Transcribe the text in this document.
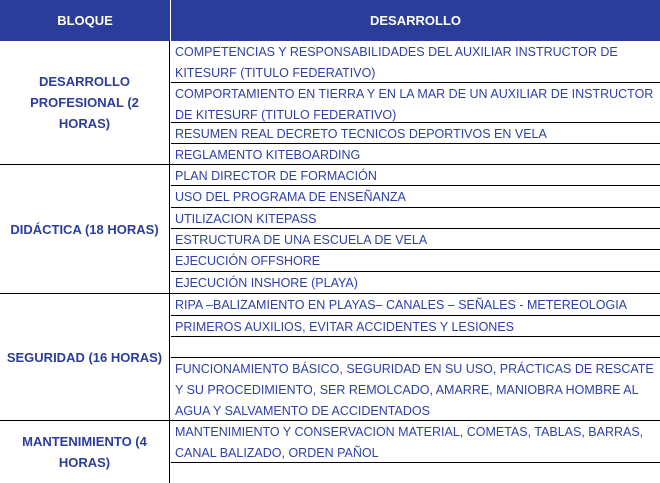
BLOQUE	DESARROLLO
DESARROLLO PROFESIONAL (2 HORAS)
COMPETENCIAS Y RESPONSABILIDADES DEL AUXILIAR INSTRUCTOR DE KITESURF (TITULO FEDERATIVO)
COMPORTAMIENTO EN TIERRA Y EN LA MAR DE UN AUXILIAR DE INSTRUCTOR DE KITESURF (TITULO FEDERATIVO)
RESUMEN REAL DECRETO TECNICOS DEPORTIVOS EN VELA
REGLAMENTO KITEBOARDING
DIDÁCTICA (18 HORAS)
PLAN DIRECTOR DE FORMACIÓN
USO DEL PROGRAMA DE ENSEÑANZA
UTILIZACION KITEPASS
ESTRUCTURA DE UNA ESCUELA DE VELA
EJECUCIÓN OFFSHORE
EJECUCIÓN INSHORE (PLAYA)
SEGURIDAD (16 HORAS)
RIPA –BALIZAMIENTO EN PLAYAS– CANALES – SEÑALES - METEREOLOGIA
PRIMEROS AUXILIOS, EVITAR ACCIDENTES Y LESIONES
FUNCIONAMIENTO BÁSICO, SEGURIDAD EN SU USO, PRÁCTICAS DE RESCATE Y SU PROCEDIMIENTO, SER REMOLCADO, AMARRE, MANIOBRA HOMBRE AL AGUA Y SALVAMENTO DE ACCIDENTADOS
MANTENIMIENTO (4 HORAS)
MANTENIMIENTO Y CONSERVACION MATERIAL, COMETAS, TABLAS, BARRAS, CANAL BALIZADO, ORDEN PAÑOL
